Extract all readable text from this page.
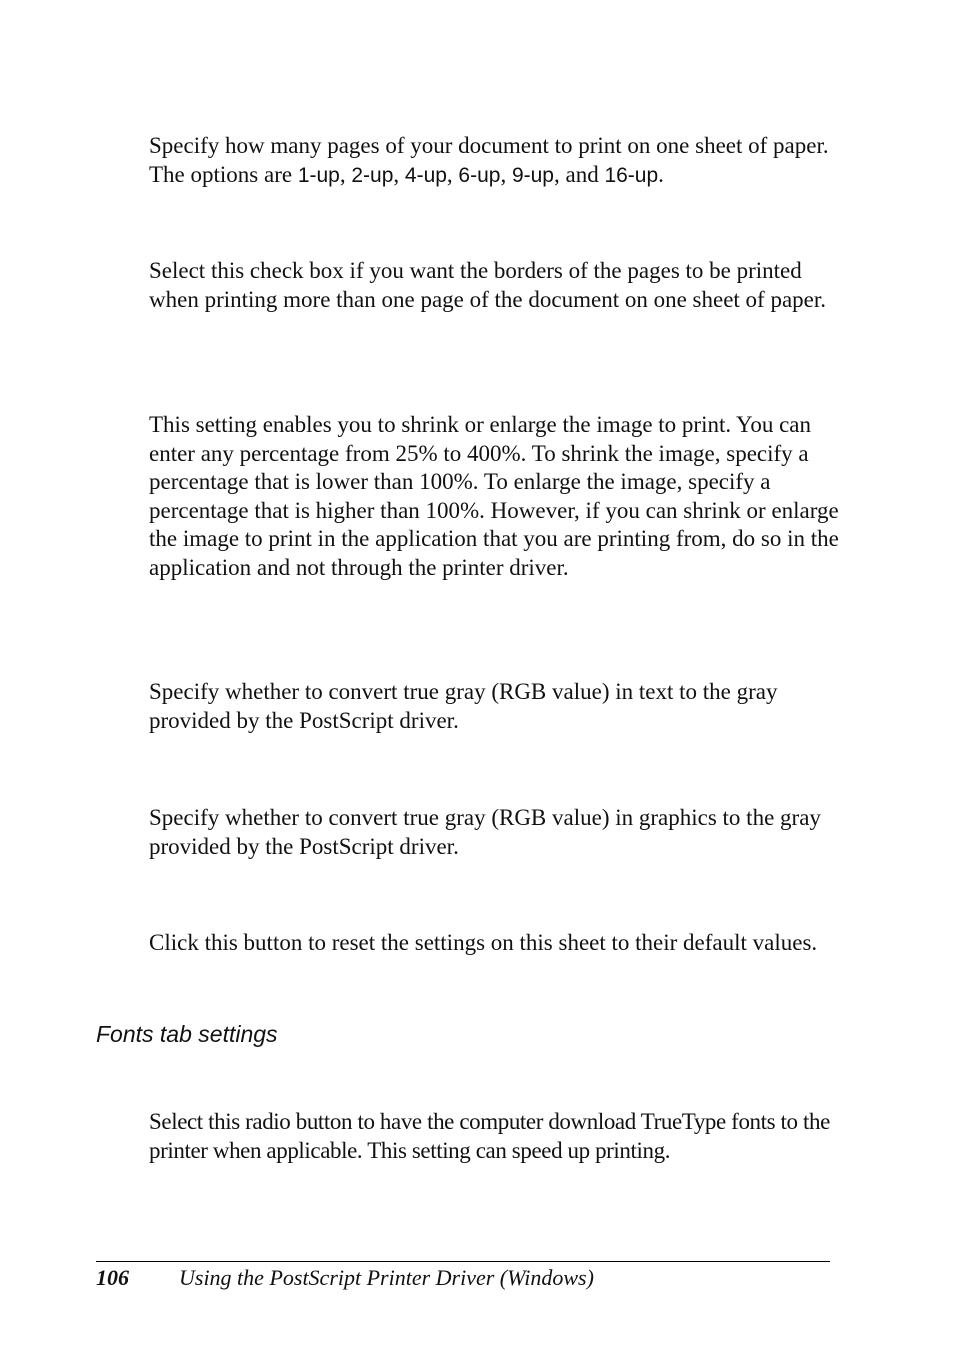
Specify how many pages of your document to print on one sheet of paper. The options are 1-up, 2-up, 4-up, 6-up, 9-up, and 16-up.

Select this check box if you want the borders of the pages to be printed when printing more than one page of the document on one sheet of paper.

This setting enables you to shrink or enlarge the image to print. You can enter any percentage from 25% to 400%. To shrink the image, specify a percentage that is lower than 100%. To enlarge the image, specify a percentage that is higher than 100%. However, if you can shrink or enlarge the image to print in the application that you are printing from, do so in the application and not through the printer driver.

Specify whether to convert true gray (RGB value) in text to the gray provided by the PostScript driver.

Specify whether to convert true gray (RGB value) in graphics to the gray provided by the PostScript driver.

Click this button to reset the settings on this sheet to their default values.

Fonts tab settings

Select this radio button to have the computer download TrueType fonts to the printer when applicable. This setting can speed up printing.

106 Using the PostScript Printer Driver (Windows)
